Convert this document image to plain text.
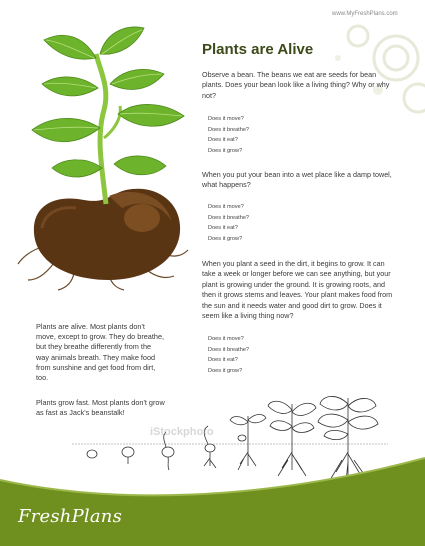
www.MyFreshPlans.com
hoto
Plants are Alive
Observe a bean. The beans we eat are seeds for bean plants. Does your bean look like a living thing? Why or why not?
Does it move?
Does it breathe?
Does it eat?
Does it grow?
When you put your bean into a wet place like a damp towel, what happens?
Does it move?
Does it breathe?
Does it eat?
Does it grow?
When you plant a seed in the dirt, it begins to grow. It can take a week or longer before we can see anything, but your plant is growing under the ground. It is growing roots, and then it grows stems and leaves. Your plant makes food from the sun and it needs water and good dirt to grow. Does it seem like a living thing now?
Does it move?
Does it breathe?
Does it eat?
Does it grow?
Plants are alive. Most plants don't move, except to grow. They do breathe, but they breathe differently from the way animals breath. They make food from sunshine and get food from dirt, too.
Plants grow fast. Most plants don't grow as fast as Jack's beanstalk!
iStockphoto
FreshPlans
